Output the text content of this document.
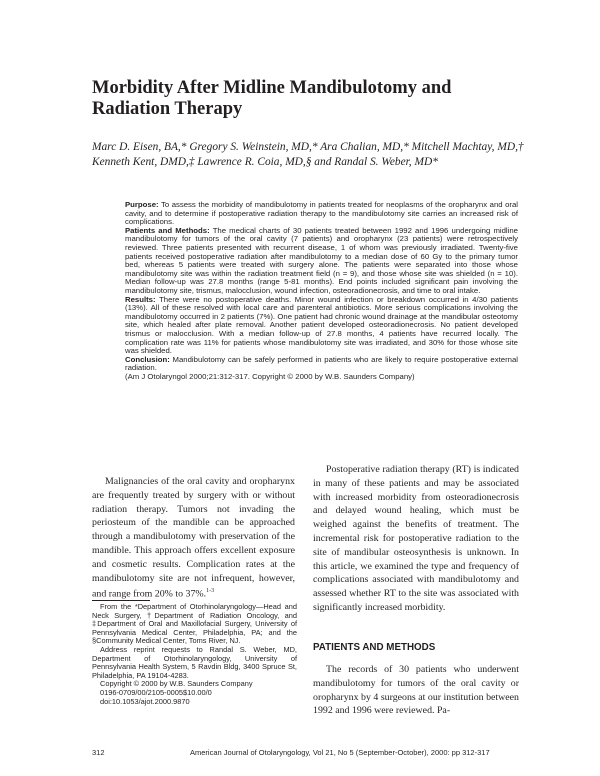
Morbidity After Midline Mandibulotomy and Radiation Therapy
Marc D. Eisen, BA,* Gregory S. Weinstein, MD,* Ara Chalian, MD,* Mitchell Machtay, MD,† Kenneth Kent, DMD,‡ Lawrence R. Coia, MD,§ and Randal S. Weber, MD*

Purpose: To assess the morbidity of mandibulotomy in patients treated for neoplasms of the oropharynx and oral cavity, and to determine if postoperative radiation therapy to the mandibulotomy site carries an increased risk of complications.

Patients and Methods: The medical charts of 30 patients treated between 1992 and 1996 undergoing midline mandibulotomy for tumors of the oral cavity (7 patients) and oropharynx (23 patients) were retrospectively reviewed. Three patients presented with recurrent disease, 1 of whom was previously irradiated. Twenty-five patients received postoperative radiation after mandibulotomy to a median dose of 60 Gy to the primary tumor bed, whereas 5 patients were treated with surgery alone. The patients were separated into those whose mandibulotomy site was within the radiation treatment field (n = 9), and those whose site was shielded (n = 10). Median follow-up was 27.8 months (range 5-81 months). End points included significant pain involving the mandibulotomy site, trismus, malocclusion, wound infection, osteoradionecrosis, and time to oral intake.

Results: There were no postoperative deaths. Minor wound infection or breakdown occurred in 4/30 patients (13%). All of these resolved with local care and parenteral antibiotics. More serious complications involving the mandibulotomy occurred in 2 patients (7%). One patient had chronic wound drainage at the mandibular osteotomy site, which healed after plate removal. Another patient developed osteoradionecrosis. No patient developed trismus or malocclusion. With a median follow-up of 27.8 months, 4 patients have recurred locally. The complication rate was 11% for patients whose mandibulotomy site was irradiated, and 30% for those whose site was shielded.

Conclusion: Mandibulotomy can be safely performed in patients who are likely to require postoperative external radiation.

(Am J Otolaryngol 2000;21:312-317. Copyright © 2000 by W.B. Saunders Company)

Malignancies of the oral cavity and oropharynx are frequently treated by surgery with or without radiation therapy. Tumors not invading the periosteum of the mandible can be approached through a mandibulotomy with preservation of the mandible. This approach offers excellent exposure and cosmetic results. Complication rates at the mandibulotomy site are not infrequent, however, and range from 20% to 37%.$^{1-3}$
Postoperative radiation therapy (RT) is indicated in many of these patients and may be associated with increased morbidity from osteoradionecrosis and delayed wound healing, which must be weighed against the benefits of treatment. The incremental risk for postoperative radiation to the site of mandibular osteosynthesis is unknown. In this article, we examined the type and frequency of complications associated with mandibulotomy and assessed whether RT to the site was associated with significantly increased morbidity.
PATIENTS AND METHODS
The records of 30 patients who underwent mandibulotomy for tumors of the oral cavity or oropharynx by 4 surgeons at our institution between 1992 and 1996 were reviewed. Pa-
From the *Department of Otorhinolaryngology—Head and Neck Surgery, †Department of Radiation Oncology, and ‡Department of Oral and Maxillofacial Surgery, University of Pennsylvania Medical Center, Philadelphia, PA; and the §Community Medical Center, Toms River, NJ.
Address reprint requests to Randal S. Weber, MD, Department of Otorhinolaryngology, University of Pennsylvania Health System, 5 Ravdin Bldg, 3400 Spruce St, Philadelphia, PA 19104-4283.
Copyright © 2000 by W.B. Saunders Company
0196-0709/00/2105-0005$10.00/0
doi:10.1053/ajot.2000.9870
312	American Journal of Otolaryngology, Vol 21, No 5 (September-October), 2000: pp 312-317
